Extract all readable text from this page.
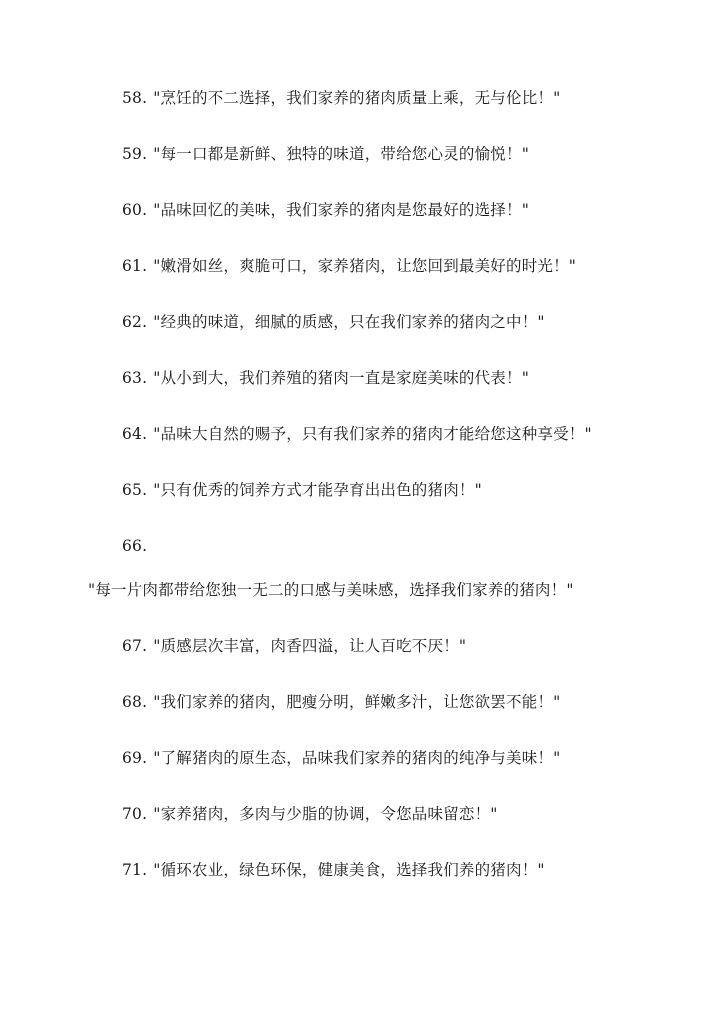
58. "烹饪的不二选择，我们家养的猪肉质量上乘，无与伦比！"
59. "每一口都是新鲜、独特的味道，带给您心灵的愉悦！"
60. "品味回忆的美味，我们家养的猪肉是您最好的选择！"
61. "嫩滑如丝，爽脆可口，家养猪肉，让您回到最美好的时光！"
62. "经典的味道，细腻的质感，只在我们家养的猪肉之中！"
63. "从小到大，我们养殖的猪肉一直是家庭美味的代表！"
64. "品味大自然的赐予，只有我们家养的猪肉才能给您这种享受！"
65. "只有优秀的饲养方式才能孕育出出色的猪肉！"
66.
"每一片肉都带给您独一无二的口感与美味感，选择我们家养的猪肉！"
67. "质感层次丰富，肉香四溢，让人百吃不厌！"
68. "我们家养的猪肉，肥瘦分明，鲜嫩多汁，让您欲罢不能！"
69. "了解猪肉的原生态，品味我们家养的猪肉的纯净与美味！"
70. "家养猪肉，多肉与少脂的协调，令您品味留恋！"
71. "循环农业，绿色环保，健康美食，选择我们养的猪肉！"
